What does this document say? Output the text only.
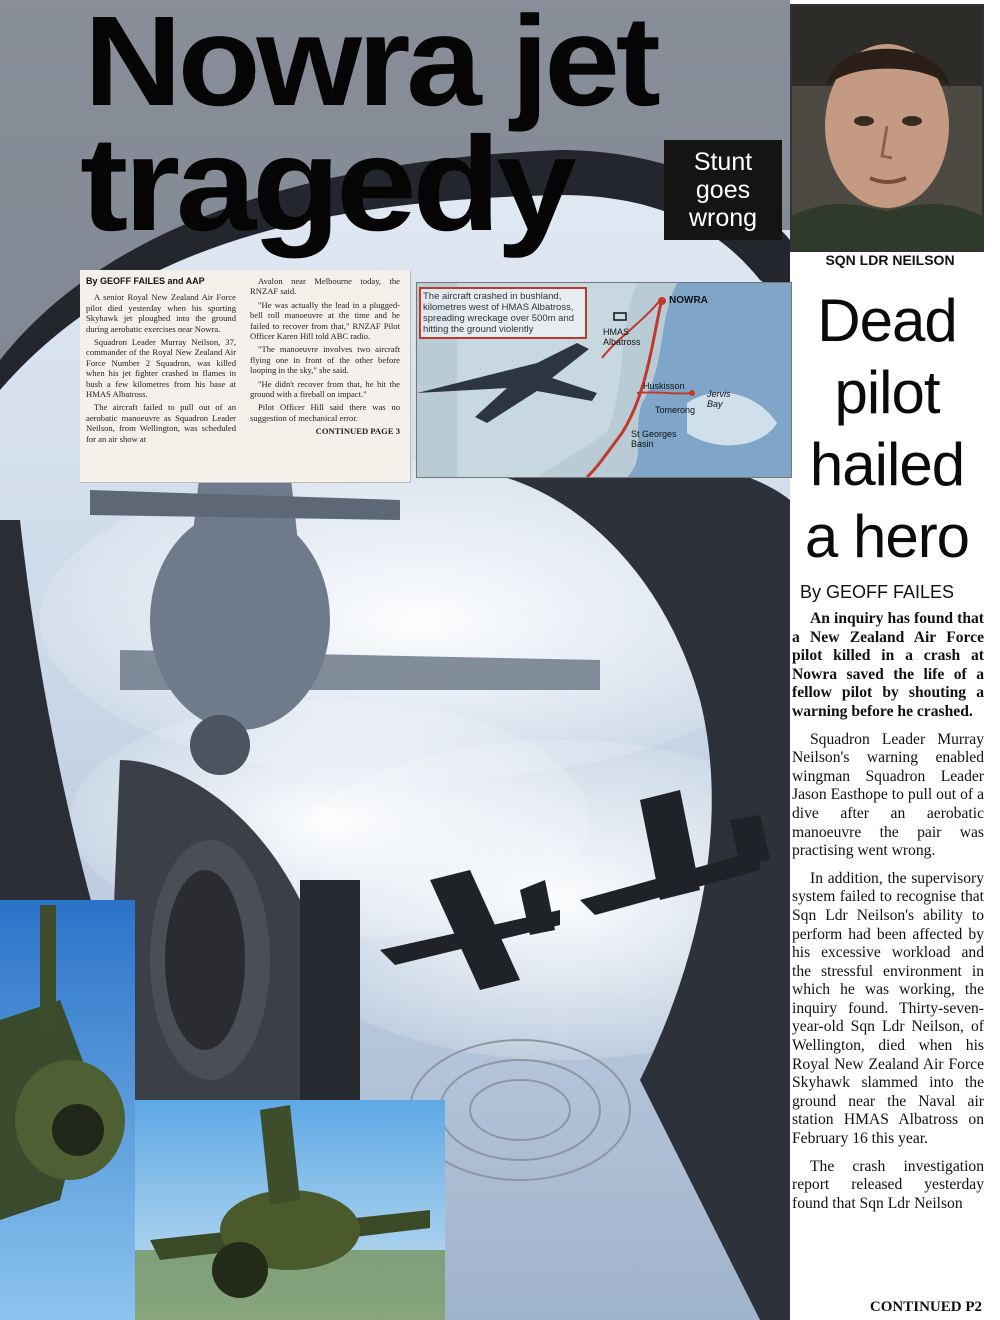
Nowra jet
tragedy	Stunt
goes
wrong
SQN LDR NEILSON
By GEOFF FAILES and AAP

A senior Royal New Zealand Air Force pilot died yesterday when his sporting Skyhawk jet ploughed into the ground during aerobatic exercises near Nowra.

Squadron Leader Murray Neilson, 37, commander of the Royal New Zealand Air Force Number 2 Squadron, was killed when his jet fighter crashed in flames in bush a few kilometres from his base at HMAS Albatross.

The aircraft failed to pull out of an aerobatic manoeuvre as Squadron Leader Neilson, from Wellington, was scheduled for an air show at

Avalon near Melbourne today, the RNZAF said.

"He was actually the lead in a plugged-bell roll manoeuvre at the time and he failed to recover from that," RNZAF Pilot Officer Karen Hill told ABC radio.

"The manoeuvre involves two aircraft flying one in front of the other before looping in the sky," she said.

"He didn't recover from that, he hit the ground with a fireball on impact."

Pilot Officer Hill said there was no suggestion of mechanical error.

CONTINUED PAGE 3
The aircraft crashed in bushland, kilometres west of HMAS Albatross, spreading wreckage over 500m and hitting the ground violently
NOWRA
HMAS Albatross
Huskisson
Tomerong
Jervis Bay
St Georges Basin
Dead
pilot
hailed
a hero
By GEOFF FAILES

An inquiry has found that a New Zealand Air Force pilot killed in a crash at Nowra saved the life of a fellow pilot by shouting a warning before he crashed.

Squadron Leader Murray Neilson's warning enabled wingman Squadron Leader Jason Easthope to pull out of a dive after an aerobatic manoeuvre the pair was practising went wrong.

In addition, the supervisory system failed to recognise that Sqn Ldr Neilson's ability to perform had been affected by his excessive workload and the stressful environment in which he was working, the inquiry found. Thirty-seven-year-old Sqn Ldr Neilson, of Wellington, died when his Royal New Zealand Air Force Skyhawk slammed into the ground near the Naval air station HMAS Albatross on February 16 this year.

The crash investigation report released yesterday found that Sqn Ldr Neilson

CONTINUED P2
